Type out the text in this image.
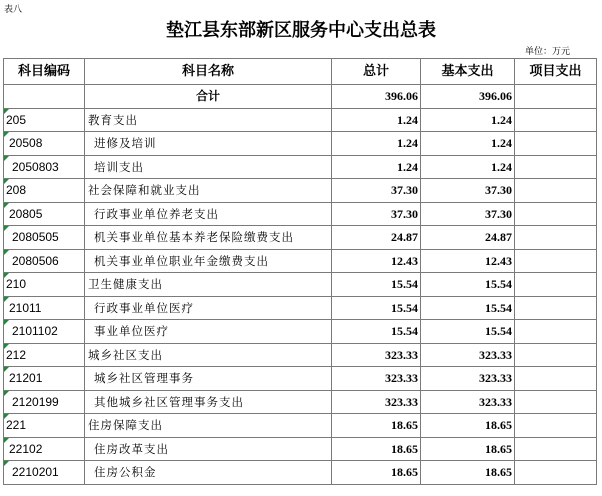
表八
垫江县东部新区服务中心支出总表
单位：万元
科目编码	科目名称	总计	基本支出	项目支出
	合计	396.06	396.06	
205	教育支出	1.24	1.24	
20508	进修及培训	1.24	1.24	
2050803	培训支出	1.24	1.24	
208	社会保障和就业支出	37.30	37.30	
20805	行政事业单位养老支出	37.30	37.30	
2080505	机关事业单位基本养老保险缴费支出	24.87	24.87	
2080506	机关事业单位职业年金缴费支出	12.43	12.43	
210	卫生健康支出	15.54	15.54	
21011	行政事业单位医疗	15.54	15.54	
2101102	事业单位医疗	15.54	15.54	
212	城乡社区支出	323.33	323.33	
21201	城乡社区管理事务	323.33	323.33	
2120199	其他城乡社区管理事务支出	323.33	323.33	
221	住房保障支出	18.65	18.65	
22102	住房改革支出	18.65	18.65	
2210201	住房公积金	18.65	18.65	
